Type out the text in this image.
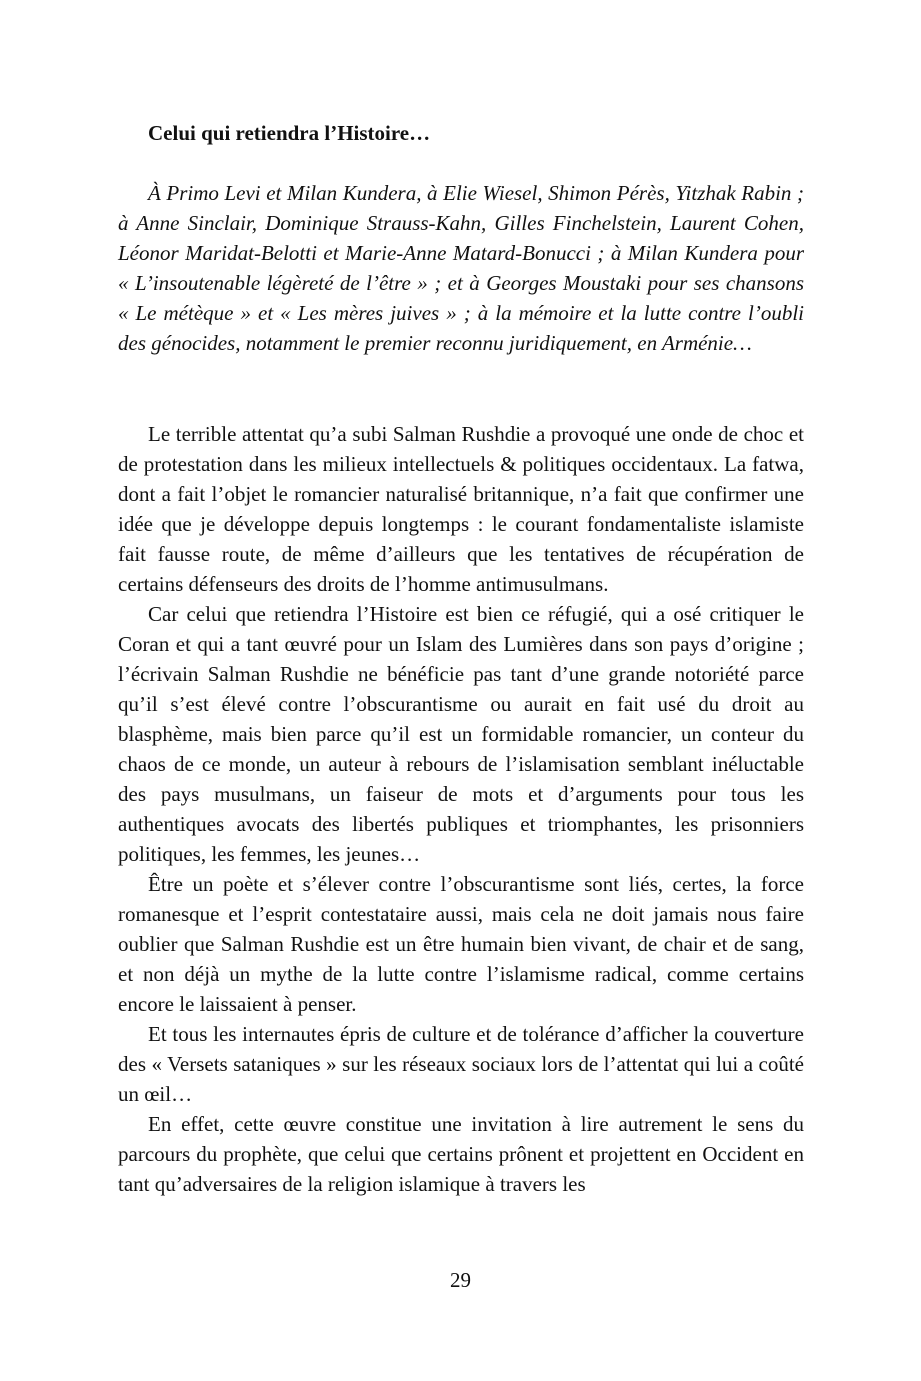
Celui qui retiendra l’Histoire…

À Primo Levi et Milan Kundera, à Elie Wiesel, Shimon Pérès, Yitzhak Rabin ; à Anne Sinclair, Dominique Strauss-Kahn, Gilles Finchelstein, Laurent Cohen, Léonor Maridat-Belotti et Marie-Anne Matard-Bonucci ; à Milan Kundera pour « L’insoutenable légèreté de l’être » ; et à Georges Moustaki pour ses chansons « Le métèque » et « Les mères juives » ; à la mémoire et la lutte contre l’oubli des génocides, notamment le premier reconnu juridiquement, en Arménie…

Le terrible attentat qu’a subi Salman Rushdie a provoqué une onde de choc et de protestation dans les milieux intellectuels & politiques occidentaux. La fatwa, dont a fait l’objet le romancier naturalisé britannique, n’a fait que confirmer une idée que je développe depuis longtemps : le courant fondamentaliste islamiste fait fausse route, de même d’ailleurs que les tentatives de récupération de certains défenseurs des droits de l’homme antimusulmans.

Car celui que retiendra l’Histoire est bien ce réfugié, qui a osé critiquer le Coran et qui a tant œuvré pour un Islam des Lumières dans son pays d’origine ; l’écrivain Salman Rushdie ne bénéficie pas tant d’une grande notoriété parce qu’il s’est élevé contre l’obscurantisme ou aurait en fait usé du droit au blasphème, mais bien parce qu’il est un formidable romancier, un conteur du chaos de ce monde, un auteur à rebours de l’islamisation semblant inéluctable des pays musulmans, un faiseur de mots et d’arguments pour tous les authentiques avocats des libertés publiques et triomphantes, les prisonniers politiques, les femmes, les jeunes…

Être un poète et s’élever contre l’obscurantisme sont liés, certes, la force romanesque et l’esprit contestataire aussi, mais cela ne doit jamais nous faire oublier que Salman Rushdie est un être humain bien vivant, de chair et de sang, et non déjà un mythe de la lutte contre l’islamisme radical, comme certains encore le laissaient à penser.

Et tous les internautes épris de culture et de tolérance d’afficher la couverture des « Versets sataniques » sur les réseaux sociaux lors de l’attentat qui lui a coûté un œil…

En effet, cette œuvre constitue une invitation à lire autrement le sens du parcours du prophète, que celui que certains prônent et projettent en Occident en tant qu’adversaires de la religion islamique à travers les

29
